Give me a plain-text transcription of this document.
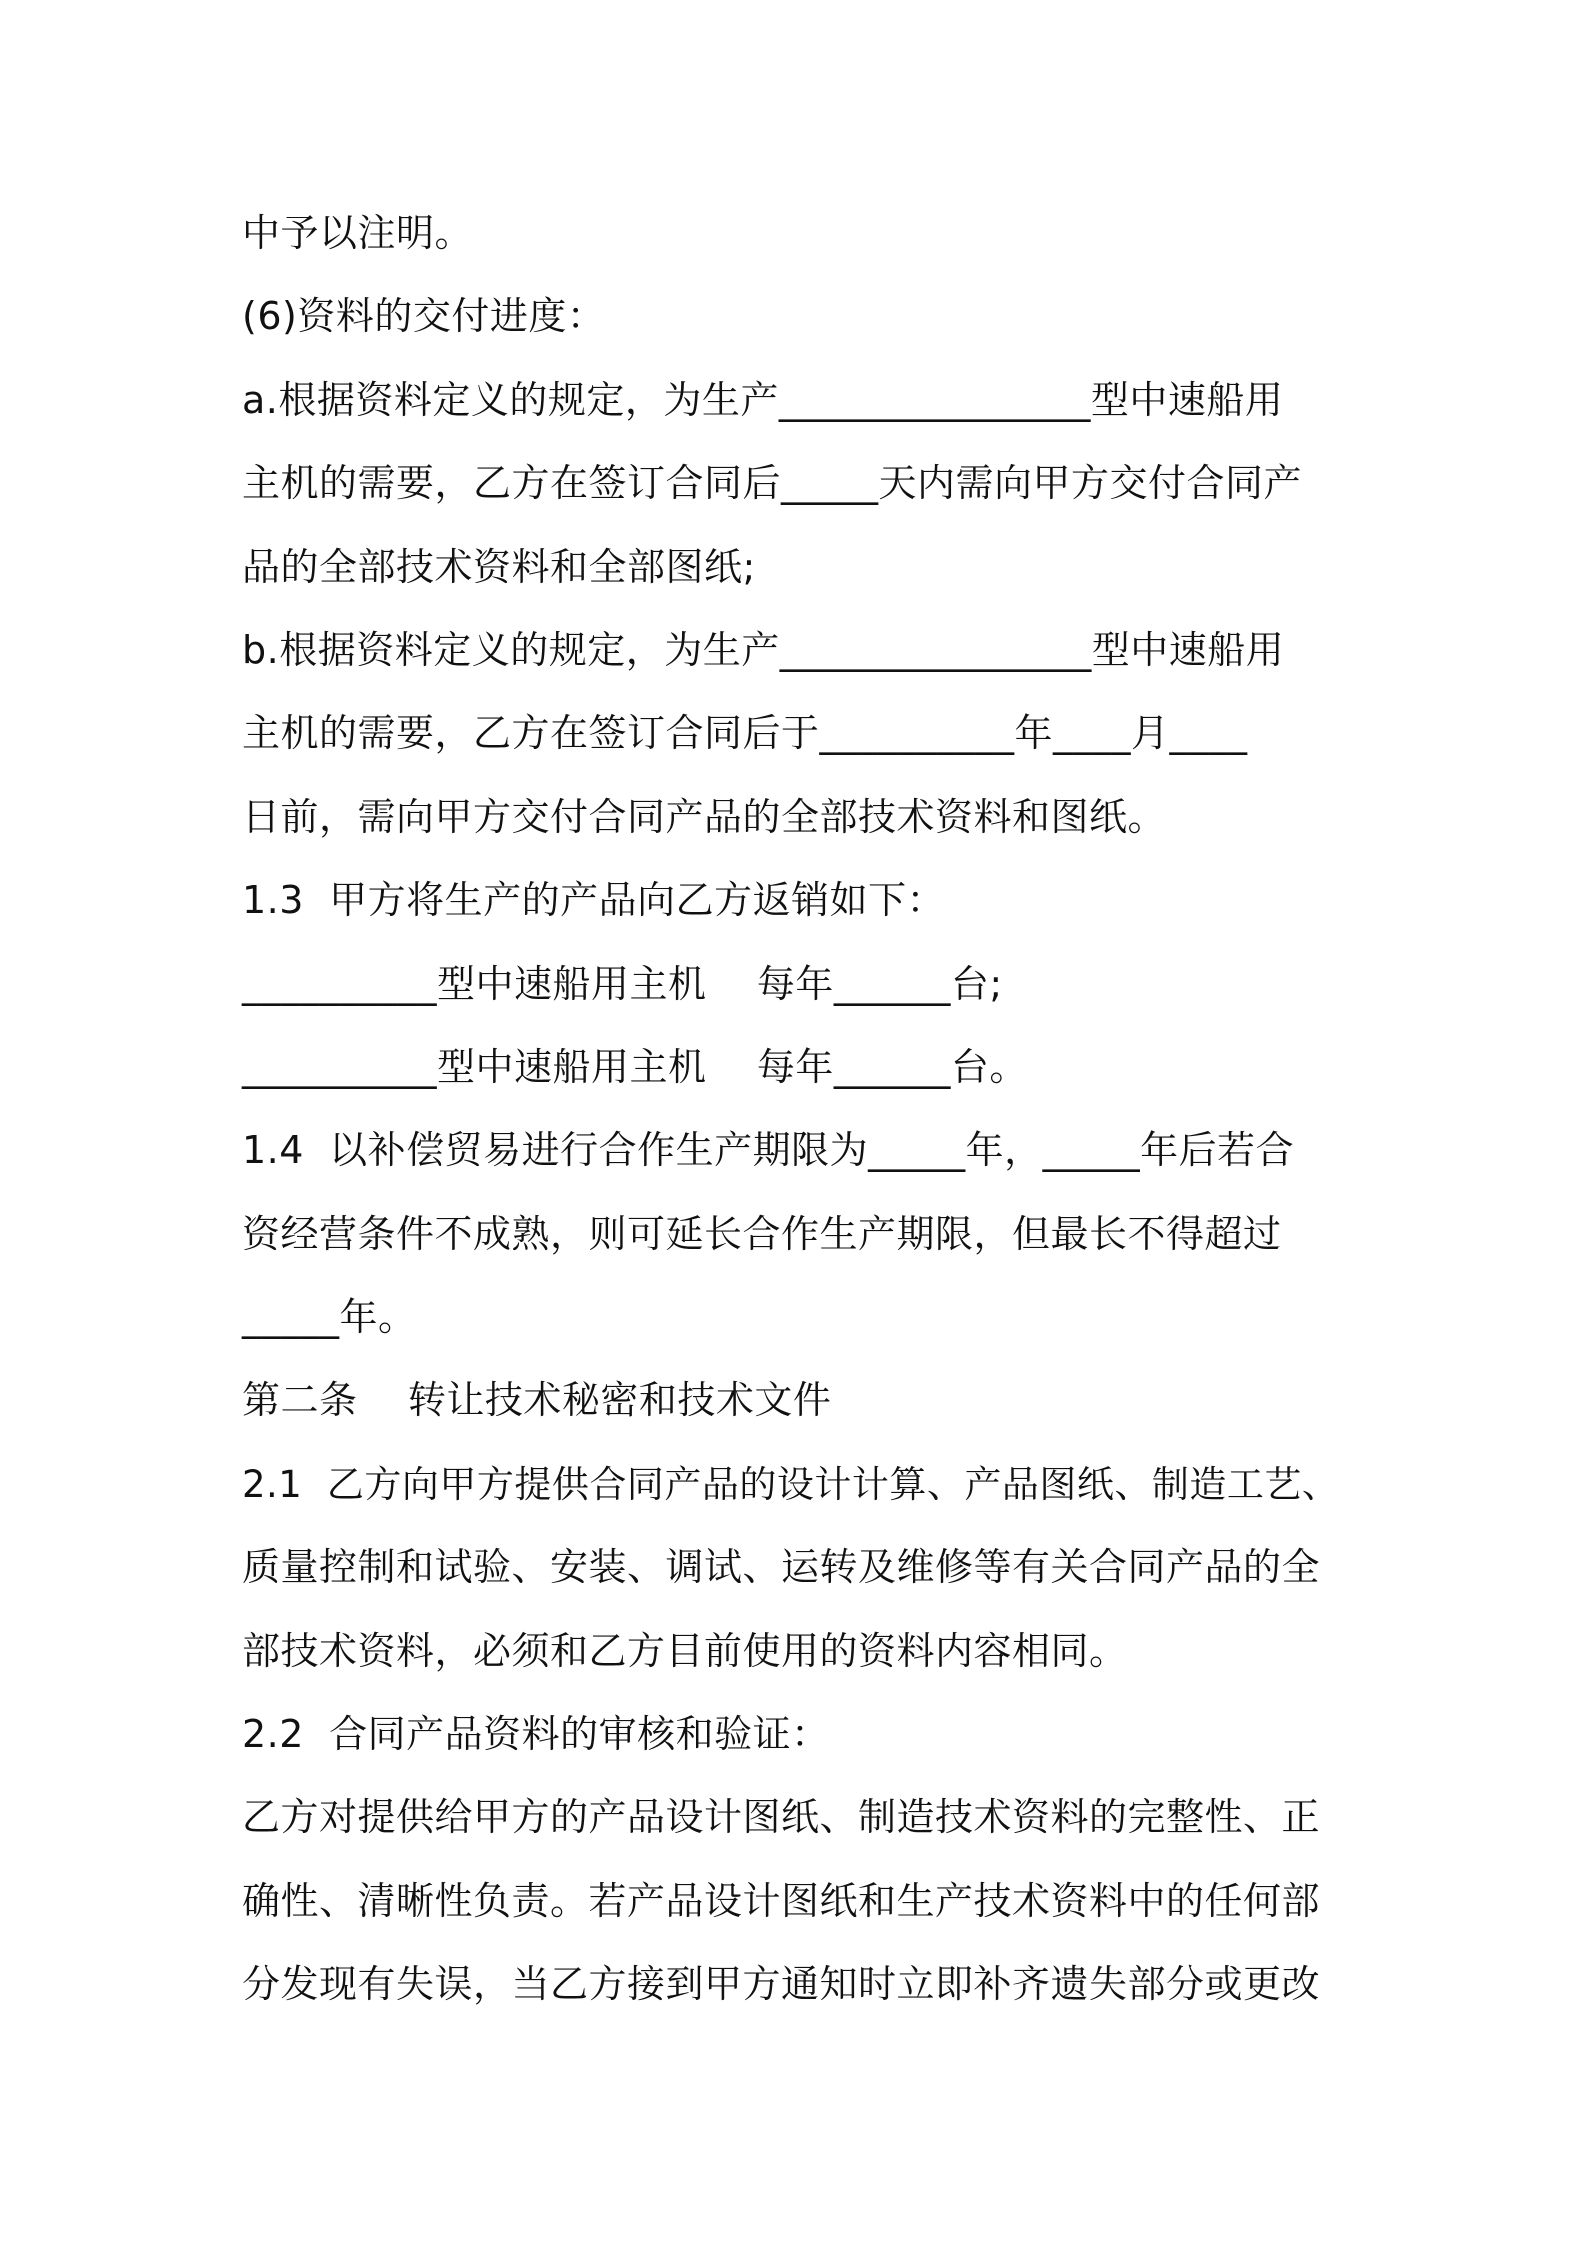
中予以注明。
(6)资料的交付进度：
a.根据资料定义的规定，为生产________________型中速船用
主机的需要，乙方在签订合同后_____天内需向甲方交付合同产
品的全部技术资料和全部图纸;
b.根据资料定义的规定，为生产________________型中速船用
主机的需要，乙方在签订合同后于__________年____月____
日前，需向甲方交付合同产品的全部技术资料和图纸。
1.3  甲方将生产的产品向乙方返销如下：
__________型中速船用主机    每年______台;
__________型中速船用主机    每年______台。
1.4  以补偿贸易进行合作生产期限为_____年，_____年后若合
资经营条件不成熟，则可延长合作生产期限，但最长不得超过
_____年。
第二条    转让技术秘密和技术文件
2.1  乙方向甲方提供合同产品的设计计算、产品图纸、制造工艺、
质量控制和试验、安装、调试、运转及维修等有关合同产品的全
部技术资料，必须和乙方目前使用的资料内容相同。
2.2  合同产品资料的审核和验证：
乙方对提供给甲方的产品设计图纸、制造技术资料的完整性、正
确性、清晰性负责。若产品设计图纸和生产技术资料中的任何部
分发现有失误，当乙方接到甲方通知时立即补齐遗失部分或更改
